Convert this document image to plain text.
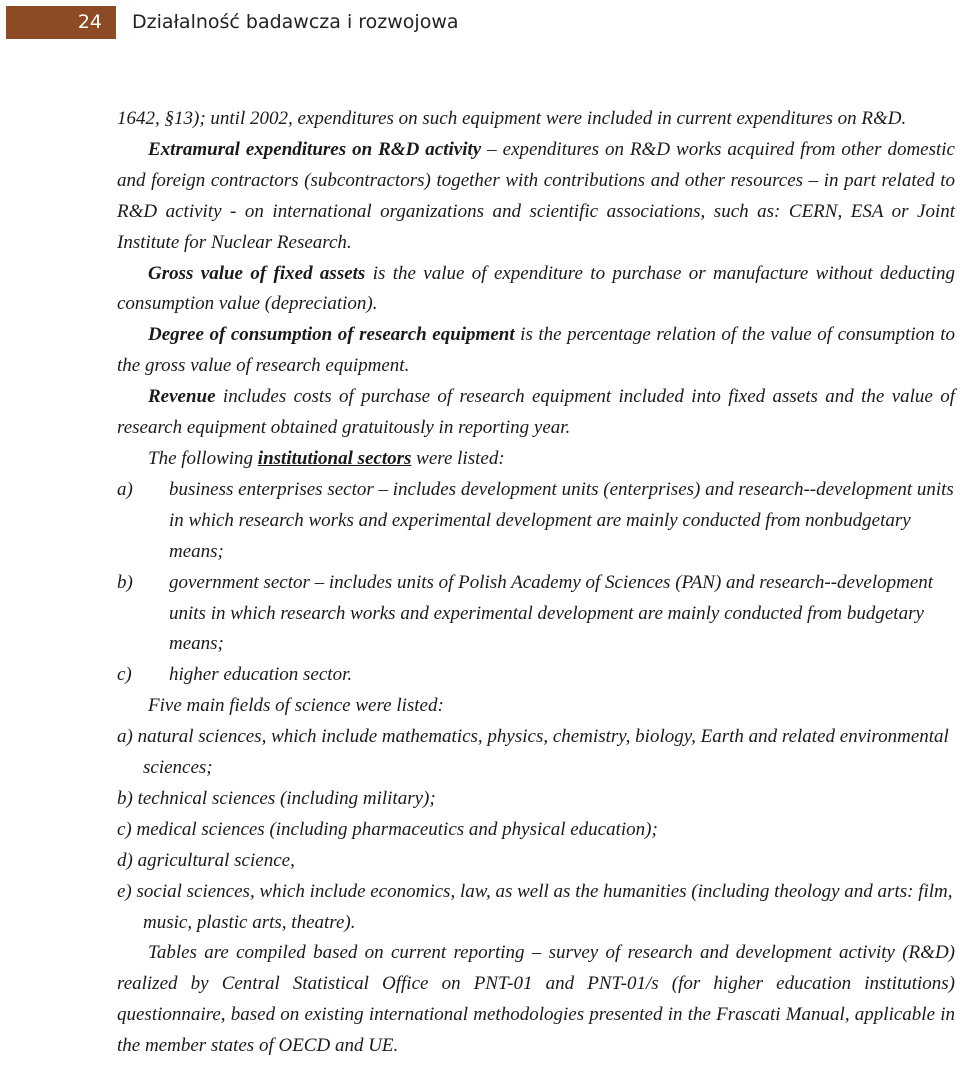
24	Działalność badawcza i rozwojowa

1642, §13); until 2002, expenditures on such equipment were included in current expenditures on R&D.

Extramural expenditures on R&D activity – expenditures on R&D works acquired from other domestic and foreign contractors (subcontractors) together with contributions and other resources – in part related to R&D activity - on international organizations and scientific associations, such as: CERN, ESA or Joint Institute for Nuclear Research.

Gross value of fixed assets is the value of expenditure to purchase or manufacture without deducting consumption value (depreciation).

Degree of consumption of research equipment is the percentage relation of the value of consumption to the gross value of research equipment.

Revenue includes costs of purchase of research equipment included into fixed assets and the value of research equipment obtained gratuitously in reporting year.

The following institutional sectors were listed:

a) business enterprises sector – includes development units (enterprises) and research--development units in which research works and experimental development are mainly conducted from nonbudgetary means;
b) government sector – includes units of Polish Academy of Sciences (PAN) and research--development units in which research works and experimental development are mainly conducted from budgetary means;
c) higher education sector.

Five main fields of science were listed:

a) natural sciences, which include mathematics, physics, chemistry, biology, Earth and related environmental sciences;

b) technical sciences (including military);

c) medical sciences (including pharmaceutics and physical education);

d) agricultural science,

e) social sciences, which include economics, law, as well as the humanities (including theology and arts: film, music, plastic arts, theatre).

Tables are compiled based on current reporting – survey of research and development activity (R&D) realized by Central Statistical Office on PNT-01 and PNT-01/s (for higher education institutions) questionnaire, based on existing international methodologies presented in the Frascati Manual, applicable in the member states of OECD and UE.
